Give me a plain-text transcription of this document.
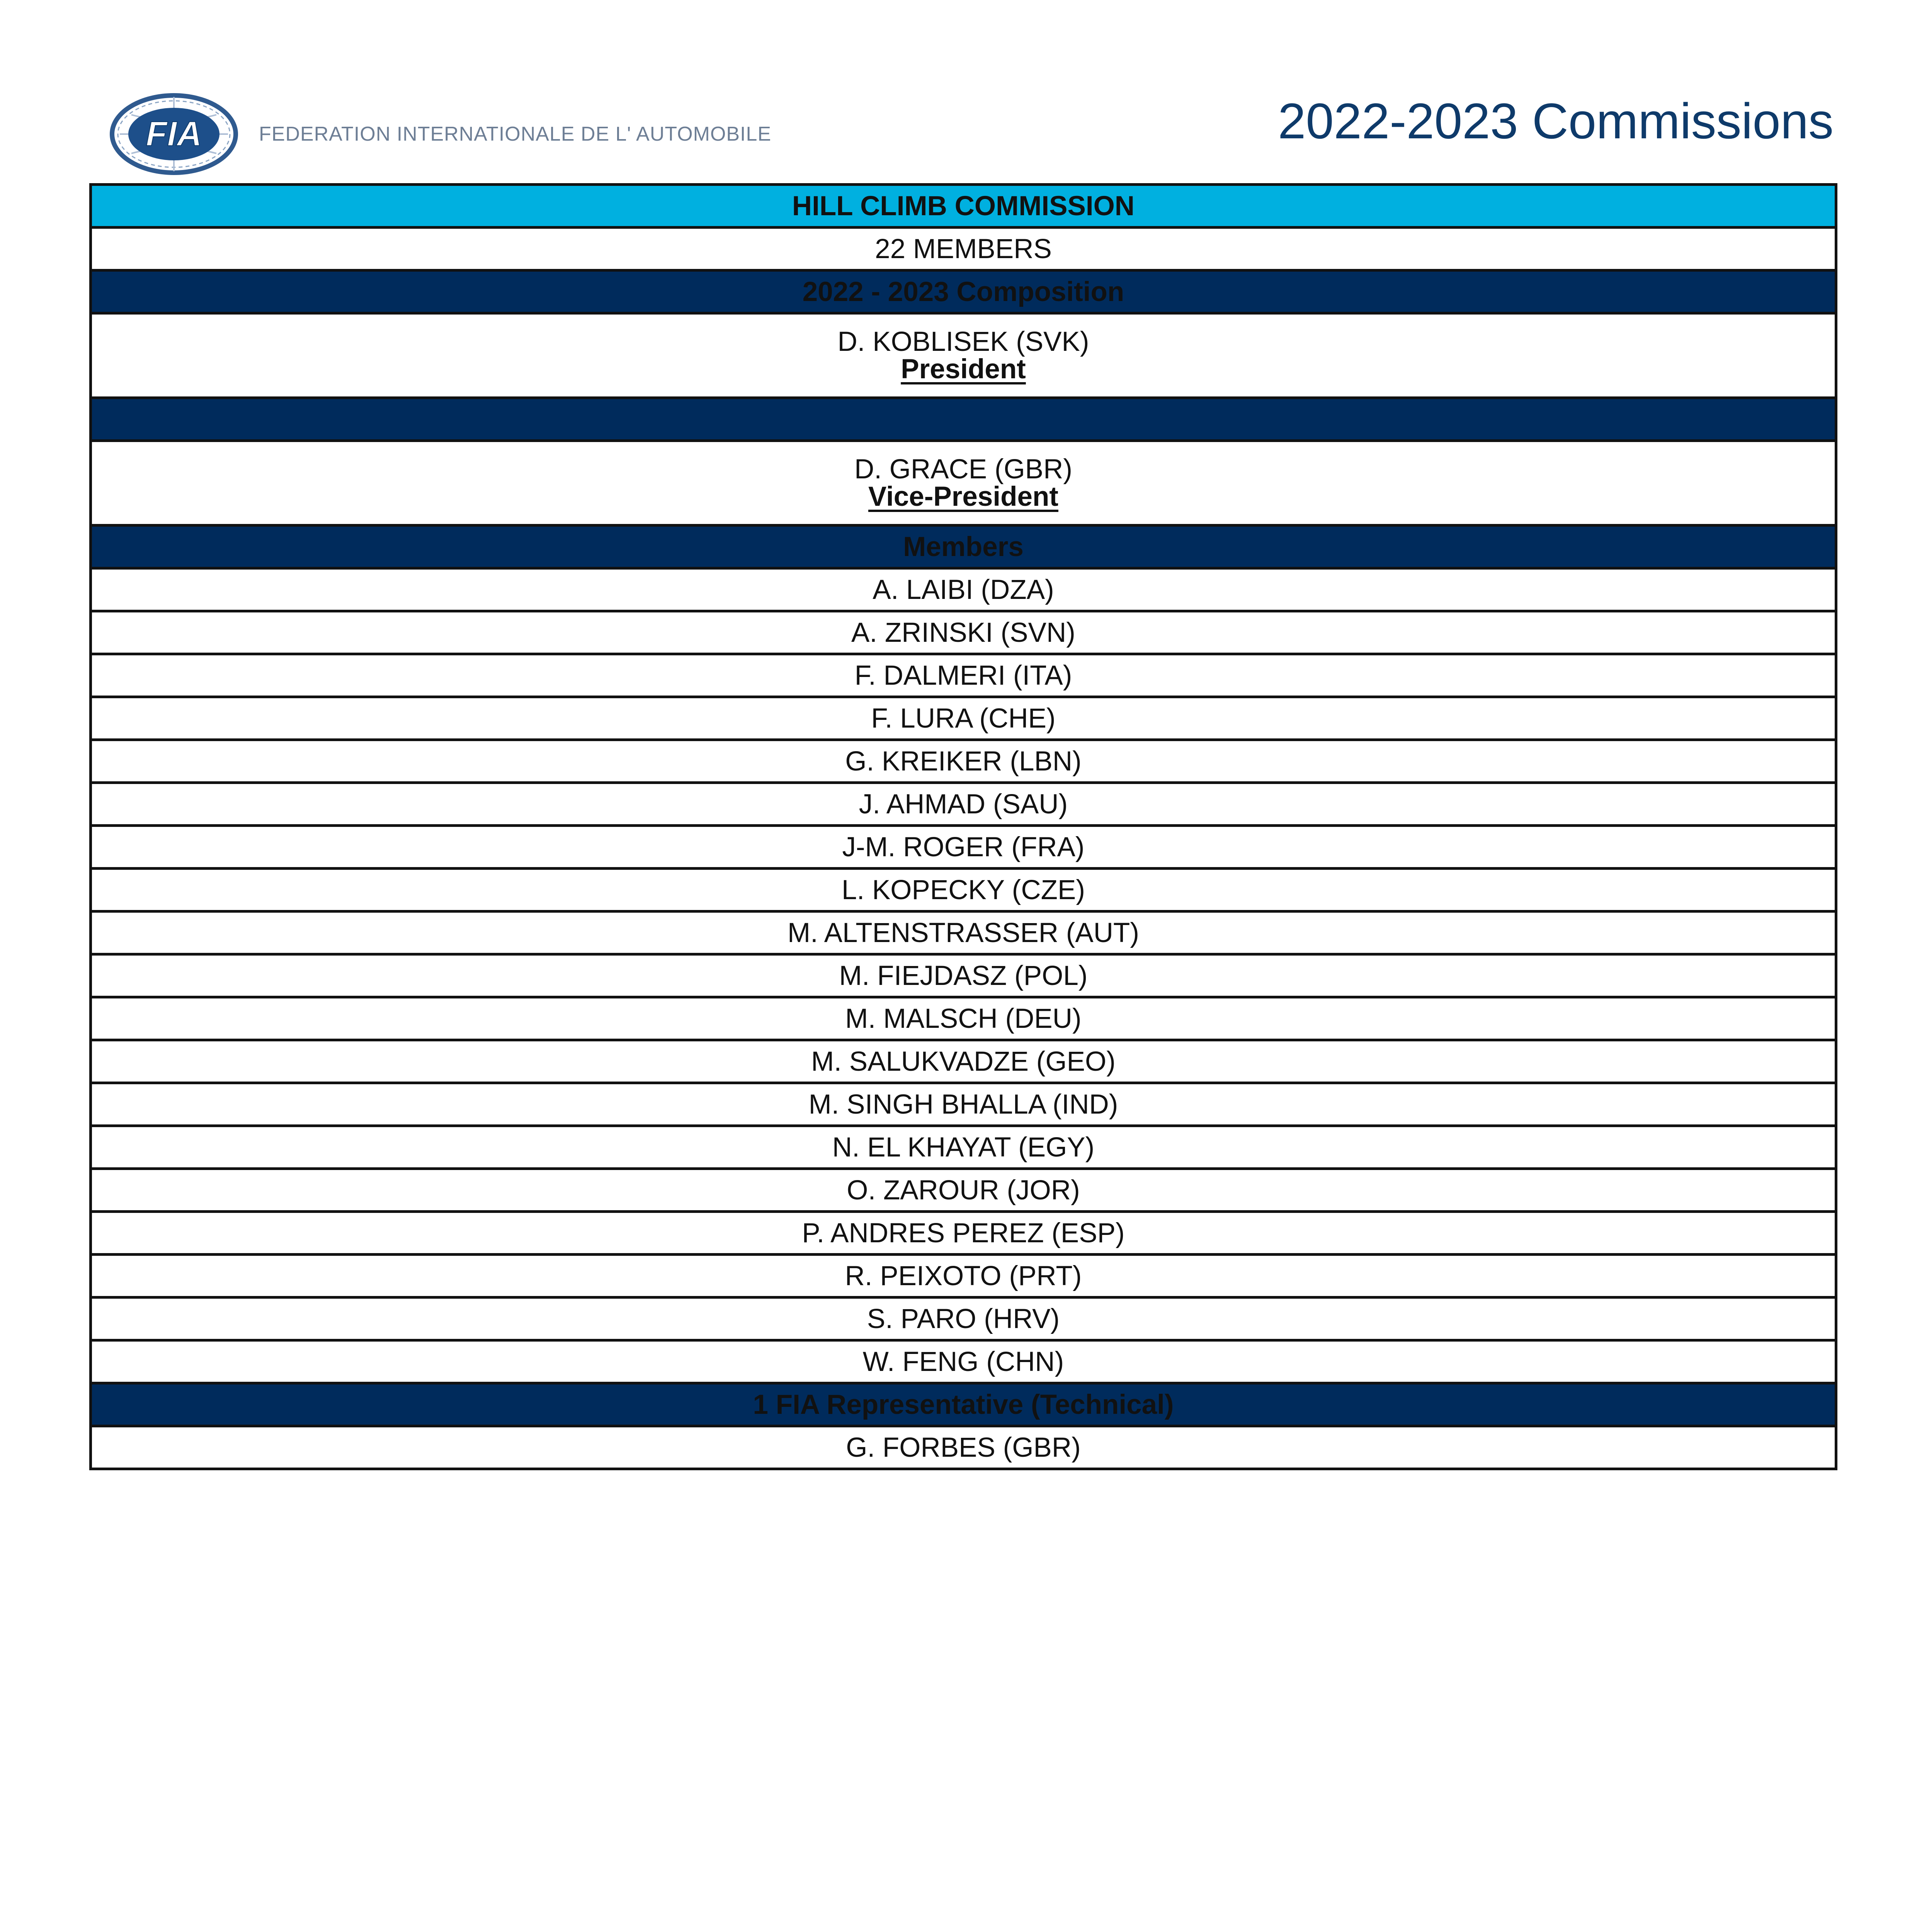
FIA	FEDERATION INTERNATIONALE DE L' AUTOMOBILE	2022-2023 Commissions
HILL CLIMB COMMISSION
22 MEMBERS
2022 - 2023 Composition

D. KOBLISEK (SVK)
President

D. GRACE (GBR)
Vice-President

Members
A. LAIBI (DZA)
A. ZRINSKI (SVN)
F. DALMERI (ITA)
F. LURA (CHE)
G. KREIKER (LBN)
J. AHMAD (SAU)
J-M. ROGER (FRA)
L. KOPECKY (CZE)
M. ALTENSTRASSER (AUT)
M. FIEJDASZ (POL)
M. MALSCH (DEU)
M. SALUKVADZE (GEO)
M. SINGH BHALLA (IND)
N. EL KHAYAT (EGY)
O. ZAROUR (JOR)
P. ANDRES PEREZ (ESP)
R. PEIXOTO (PRT)
S. PARO (HRV)
W. FENG (CHN)
1 FIA Representative (Technical)
G. FORBES (GBR)
